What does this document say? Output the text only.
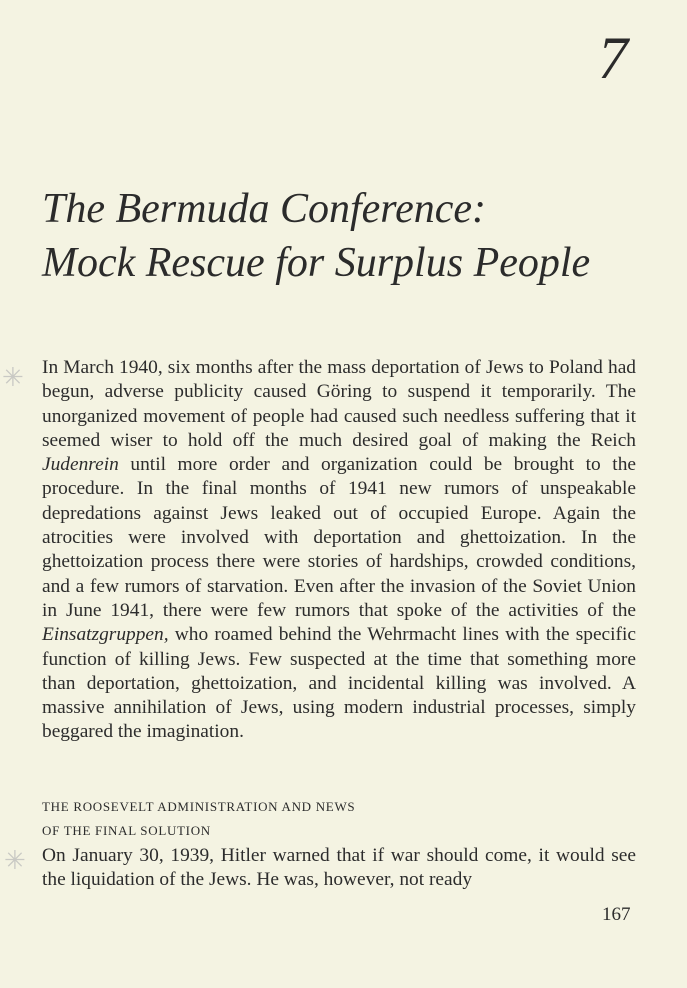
✳
✳
7
The Bermuda Conference:
Mock Rescue for Surplus People

In March 1940, six months after the mass deportation of Jews to Poland had begun, adverse publicity caused Göring to suspend it temporarily. The unorganized movement of people had caused such needless suffering that it seemed wiser to hold off the much desired goal of making the Reich Judenrein until more order and organization could be brought to the procedure. In the final months of 1941 new rumors of unspeakable depredations against Jews leaked out of occupied Europe. Again the atrocities were involved with deportation and ghettoization. In the ghettoization process there were stories of hardships, crowded conditions, and a few rumors of starvation. Even after the invasion of the Soviet Union in June 1941, there were few rumors that spoke of the activities of the Einsatzgruppen, who roamed behind the Wehrmacht lines with the specific function of killing Jews. Few suspected at the time that something more than deportation, ghettoization, and incidental killing was involved. A massive annihilation of Jews, using modern industrial processes, simply beggared the imagination.

THE ROOSEVELT ADMINISTRATION AND NEWS
OF THE FINAL SOLUTION

On January 30, 1939, Hitler warned that if war should come, it would see the liquidation of the Jews. He was, however, not ready

167
